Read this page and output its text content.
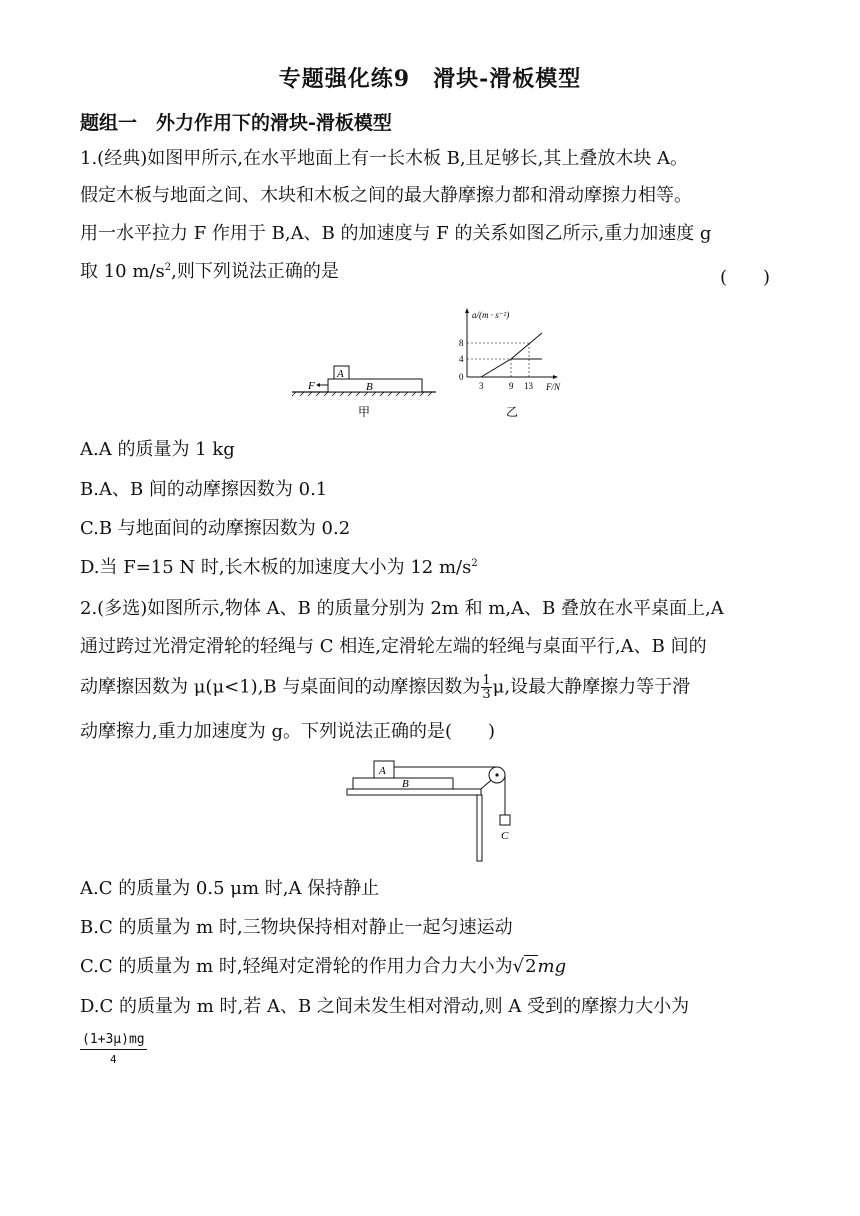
专题强化练9　滑块-滑板模型
题组一　外力作用下的滑块-滑板模型
1.(经典)如图甲所示,在水平地面上有一长木板 B,且足够长,其上叠放木块 A。
假定木板与地面之间、木块和木板之间的最大静摩擦力都和滑动摩擦力相等。
用一水平拉力 F 作用于 B,A、B 的加速度与 F 的关系如图乙所示,重力加速度 g
取 10 $m/s^2$,则下列说法正确的是	(　　)
A
B
F
甲
a/(m · s⁻²)
F/N
8
4
0
3	9 13
乙
A.A 的质量为 1 kg
B.A、B 间的动摩擦因数为 0.1
C.B 与地面间的动摩擦因数为 0.2
D.当 F=15 N 时,长木板的加速度大小为 12 $m/s^2$
2.(多选)如图所示,物体 A、B 的质量分别为 2m 和 m,A、B 叠放在水平桌面上,A
通过跨过光滑定滑轮的轻绳与 C 相连,定滑轮左端的轻绳与桌面平行,A、B 间的
动摩擦因数为 μ(μ<1),B 与桌面间的动摩擦因数为 $\frac{1}{3} \mu$,设最大静摩擦力等于滑
动摩擦力,重力加速度为 g。下列说法正确的是(　　)
A
B
C
A.C 的质量为 0.5 μm 时,A 保持静止
B.C 的质量为 m 时,三物块保持相对静止一起匀速运动
C.C 的质量为 m 时,轻绳对定滑轮的作用力合力大小为√2mg
D.C 的质量为 m 时,若 A、B 之间未发生相对滑动,则 A 受到的摩擦力大小为
(1+3μ)mg
4
